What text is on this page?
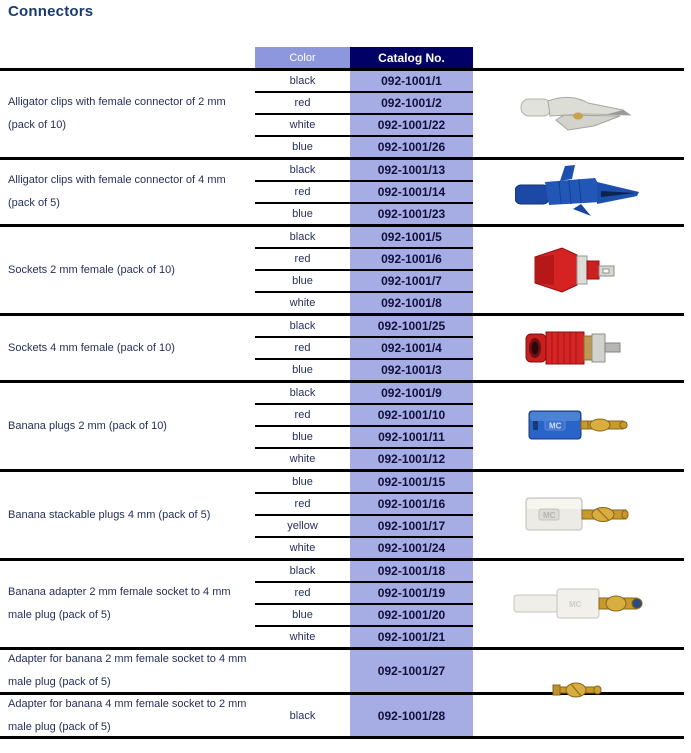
Connectors
Color	Catalog No.
Alligator clips with female connector of 2 mm
(pack of 10)
black	092-1001/1
red	092-1001/2
white	092-1001/22
blue	092-1001/26
Alligator clips with female connector of 4 mm
(pack of 5)
black	092-1001/13
red	092-1001/14
blue	092-1001/23
Sockets 2 mm female (pack of 10)
black	092-1001/5
red	092-1001/6
blue	092-1001/7
white	092-1001/8
Sockets 4 mm female (pack of 10)
black	092-1001/25
red	092-1001/4
blue	092-1001/3
Banana plugs 2 mm (pack of 10)
black	092-1001/9
red	092-1001/10
blue	092-1001/11
white	092-1001/12
MC
Banana stackable plugs 4 mm (pack of 5)
blue	092-1001/15
red	092-1001/16
yellow	092-1001/17
white	092-1001/24
MC
Banana adapter 2 mm female socket to 4 mm
male plug (pack of 5)
black	092-1001/18
red	092-1001/19
blue	092-1001/20
white	092-1001/21
MC
Adapter for banana 2 mm female socket to 4 mm
male plug (pack of 5)
092-1001/27
Adapter for banana 4 mm female socket to 2 mm
male plug (pack of 5)
black	092-1001/28
